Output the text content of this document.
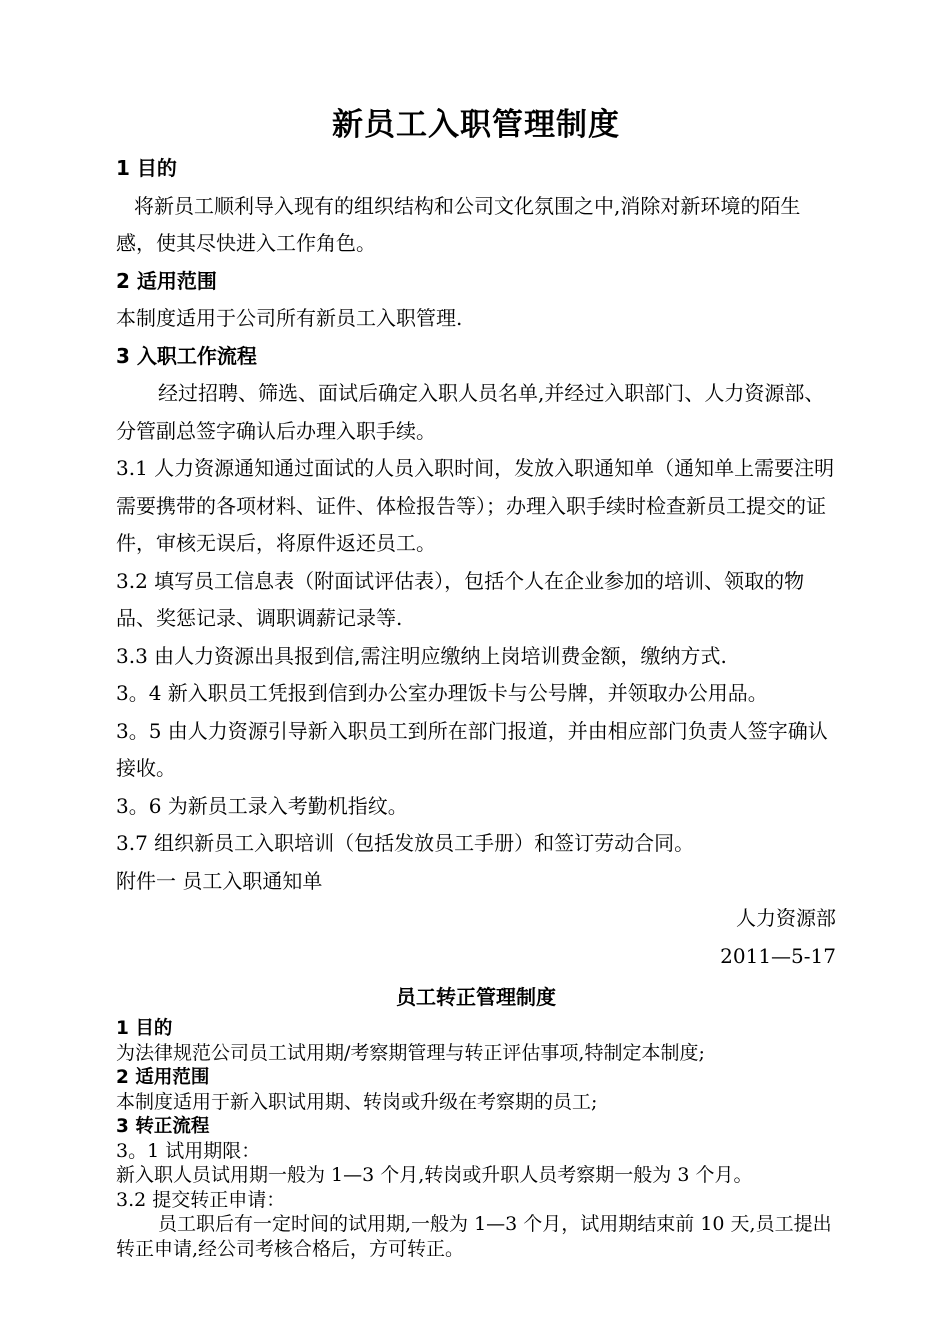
新员工入职管理制度

1 目的

将新员工顺利导入现有的组织结构和公司文化氛围之中,消除对新环境的陌生感，使其尽快进入工作角色。

2 适用范围

本制度适用于公司所有新员工入职管理.

3 入职工作流程

经过招聘、筛选、面试后确定入职人员名单,并经过入职部门、人力资源部、分管副总签字确认后办理入职手续。

3.1 人力资源通知通过面试的人员入职时间，发放入职通知单（通知单上需要注明需要携带的各项材料、证件、体检报告等）；办理入职手续时检查新员工提交的证件，审核无误后，将原件返还员工。

3.2 填写员工信息表（附面试评估表），包括个人在企业参加的培训、领取的物品、奖惩记录、调职调薪记录等.

3.3 由人力资源出具报到信,需注明应缴纳上岗培训费金额，缴纳方式.

3。4 新入职员工凭报到信到办公室办理饭卡与公号牌，并领取办公用品。

3。5 由人力资源引导新入职员工到所在部门报道，并由相应部门负责人签字确认接收。

3。6 为新员工录入考勤机指纹。

3.7 组织新员工入职培训（包括发放员工手册）和签订劳动合同。

附件一 员工入职通知单

人力资源部

2011—5-17

员工转正管理制度

1 目的

为法律规范公司员工试用期/考察期管理与转正评估事项,特制定本制度;

2 适用范围

本制度适用于新入职试用期、转岗或升级在考察期的员工;

3 转正流程

3。1 试用期限：

新入职人员试用期一般为 1—3 个月,转岗或升职人员考察期一般为 3 个月。

3.2 提交转正申请：

员工职后有一定时间的试用期,一般为 1—3 个月，试用期结束前 10 天,员工提出转正申请,经公司考核合格后，方可转正。
